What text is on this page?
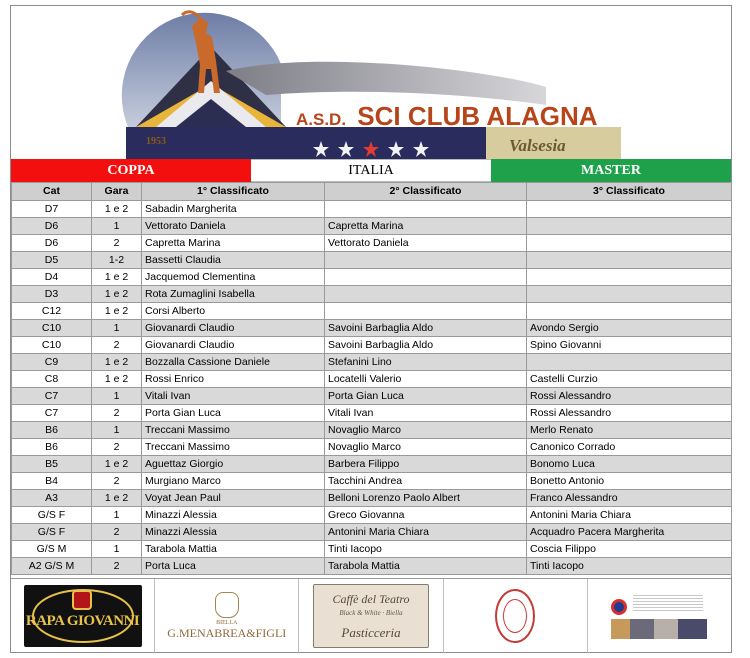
A.S.D. SCI CLUB ALAGNA
1953	Valsesia
COPPA	ITALIA	MASTER
Cat	Gara	1° Classificato	2° Classificato	3° Classificato
D7	1 e 2	Sabadin Margherita		
D6	1	Vettorato Daniela	Capretta Marina	
D6	2	Capretta Marina	Vettorato Daniela	
D5	1-2	Bassetti Claudia		
D4	1 e 2	Jacquemod Clementina		
D3	1 e 2	Rota Zumaglini Isabella		
C12	1 e 2	Corsi Alberto		
C10	1	Giovanardi Claudio	Savoini Barbaglia Aldo	Avondo Sergio
C10	2	Giovanardi Claudio	Savoini Barbaglia Aldo	Spino Giovanni
C9	1 e 2	Bozzalla Cassione Daniele	Stefanini Lino	
C8	1 e 2	Rossi Enrico	Locatelli Valerio	Castelli Curzio
C7	1	Vitali Ivan	Porta Gian Luca	Rossi Alessandro
C7	2	Porta Gian Luca	Vitali Ivan	Rossi Alessandro
B6	1	Treccani Massimo	Novaglio Marco	Merlo Renato
B6	2	Treccani Massimo	Novaglio Marco	Canonico Corrado
B5	1 e 2	Aguettaz Giorgio	Barbera Filippo	Bonomo Luca
B4	2	Murgiano Marco	Tacchini Andrea	Bonetto Antonio
A3	1 e 2	Voyat Jean Paul	Belloni Lorenzo Paolo Albert	Franco Alessandro
G/S F	1	Minazzi Alessia	Greco Giovanna	Antonini Maria Chiara
G/S F	2	Minazzi Alessia	Antonini Maria Chiara	Acquadro Pacera Margherita
G/S M	1	Tarabola Mattia	Tinti Iacopo	Coscia Filippo
A2 G/S M	2	Porta Luca	Tarabola Mattia	Tinti Iacopo
RAPA GIOVANNI	BIELLA
G.MENABREA&FIGLI
Caffè del Teatro
Black & White · Biella
Pasticceria
